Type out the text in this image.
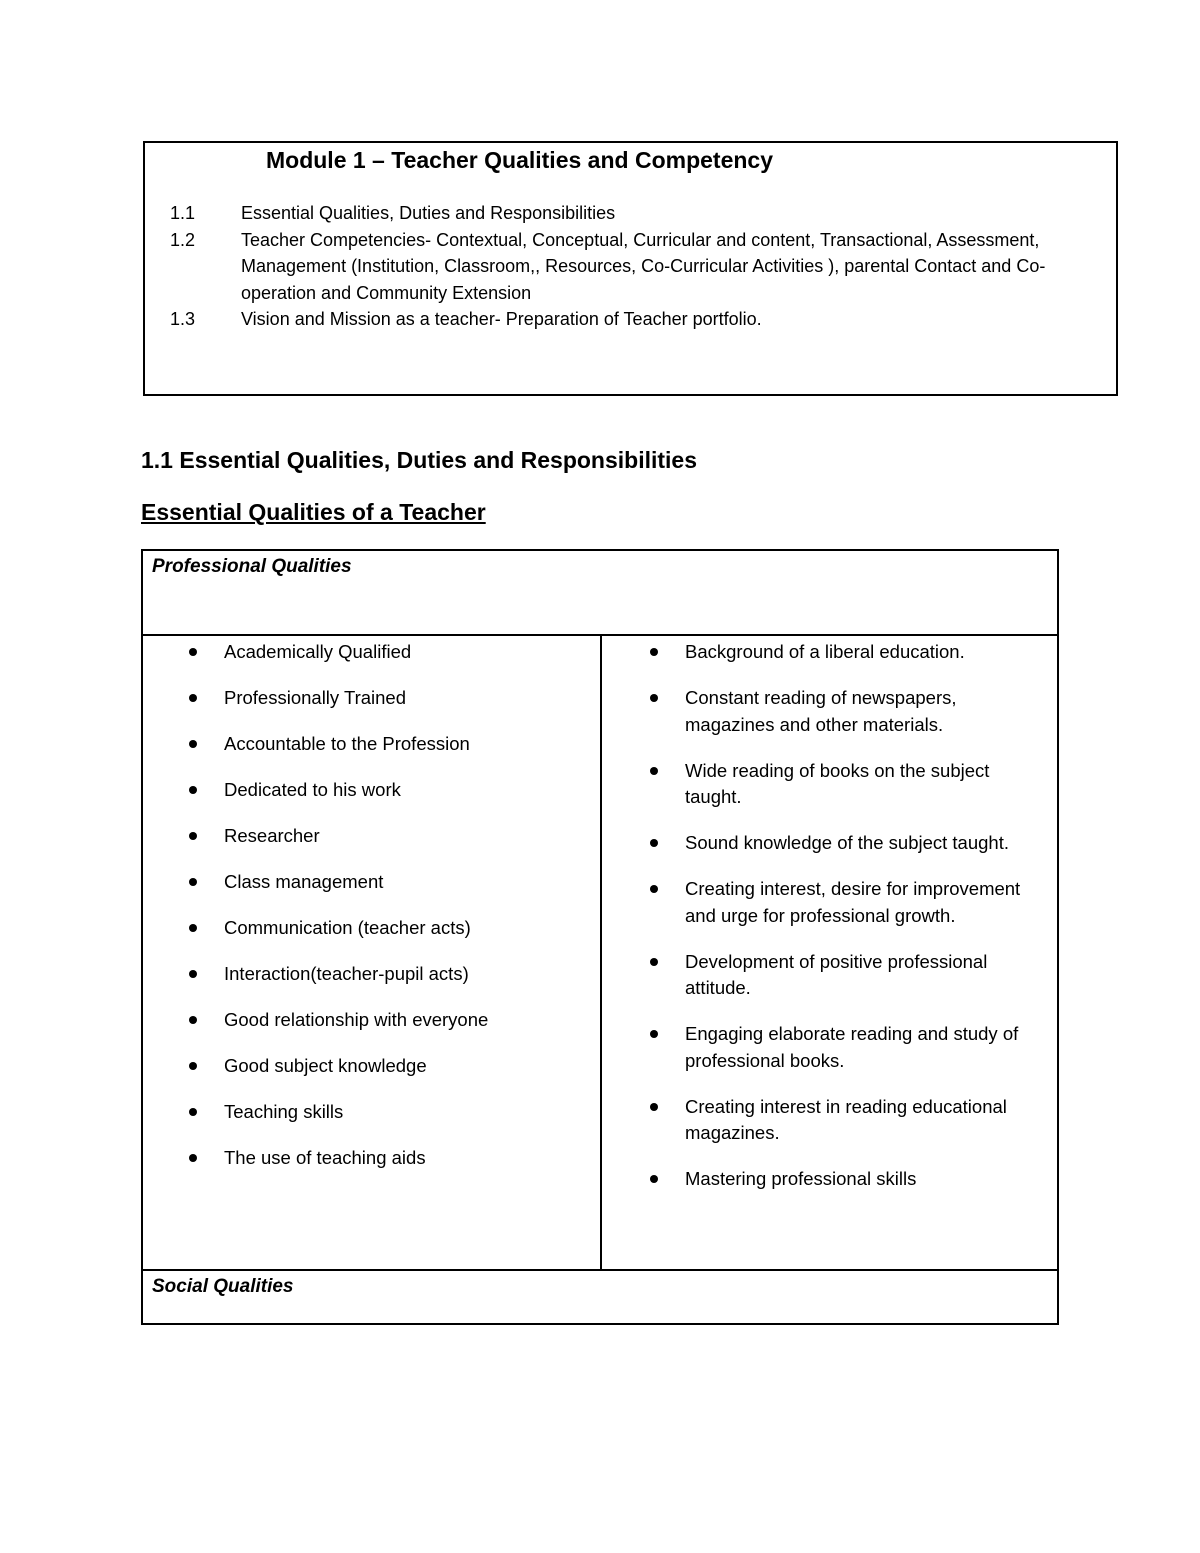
Module 1 – Teacher Qualities and Competency
1.1	Essential Qualities, Duties and Responsibilities
1.2	Teacher Competencies- Contextual, Conceptual, Curricular and content, Transactional, Assessment, Management (Institution, Classroom,, Resources, Co-Curricular Activities ), parental Contact and Co-operation and Community Extension
1.3	Vision and Mission as a teacher- Preparation of Teacher portfolio.
1.1 Essential Qualities, Duties and Responsibilities
Essential Qualities of a Teacher
Professional Qualities
Academically Qualified
Professionally Trained
Accountable to the Profession
Dedicated to his work
Researcher
Class management
Communication (teacher acts)
Interaction(teacher-pupil acts)
Good relationship with everyone
Good subject knowledge
Teaching skills
The use of teaching aids
Background of a liberal education.
Constant reading of newspapers, magazines and other materials.
Wide reading of books on the subject taught.
Sound knowledge of the subject taught.
Creating interest, desire for improvement and urge for professional growth.
Development of positive professional attitude.
Engaging elaborate reading and study of professional books.
Creating interest in reading educational magazines.
Mastering professional skills
Social Qualities
